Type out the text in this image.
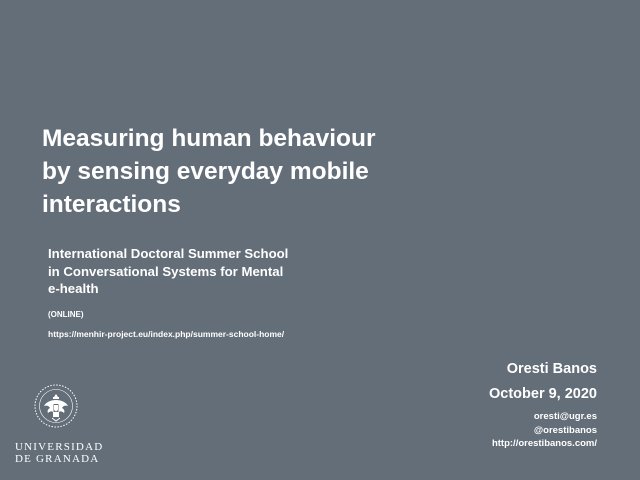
Measuring human behaviour
by sensing everyday mobile
interactions
International Doctoral Summer School
in Conversational Systems for Mental
e-health
(ONLINE)
https://menhir-project.eu/index.php/summer-school-home/
Oresti Banos
October 9, 2020
oresti@ugr.es
@orestibanos
http://orestibanos.com/
UNIVERSIDAD
DE GRANADA
